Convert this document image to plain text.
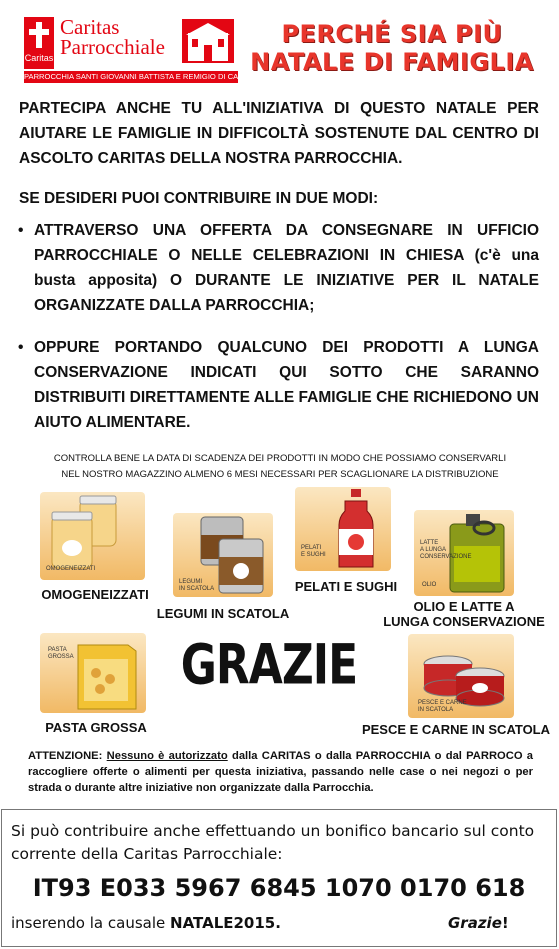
Caritas
Caritas
Parrocchiale
PARROCCHIA SANTI GIOVANNI BATTISTA E REMIGIO DI CARIGNANO
PERCHÉ SIA PIÙ
NATALE DI FAMIGLIA
PARTECIPA ANCHE TU ALL'INIZIATIVA DI QUESTO NATALE PER AIUTARE LE FAMIGLIE IN DIFFICOLTÀ SOSTENUTE DAL CENTRO DI ASCOLTO CARITAS DELLA NOSTRA PARROCCHIA.
SE DESIDERI PUOI CONTRIBUIRE IN DUE MODI:
• ATTRAVERSO UNA OFFERTA DA CONSEGNARE IN UFFICIO PARROCCHIALE O NELLE CELEBRAZIONI IN CHIESA (c'è una busta apposita) O DURANTE LE INIZIATIVE PER IL NATALE ORGANIZZATE DALLA PARROCCHIA;
• OPPURE PORTANDO QUALCUNO DEI PRODOTTI A LUNGA CONSERVAZIONE INDICATI QUI SOTTO CHE SARANNO DISTRIBUITI DIRETTAMENTE ALLE FAMIGLIE CHE RICHIEDONO UN AIUTO ALIMENTARE.
CONTROLLA BENE LA DATA DI SCADENZA DEI PRODOTTI IN MODO CHE POSSIAMO CONSERVARLI
NEL NOSTRO MAGAZZINO ALMENO 6 MESI NECESSARI PER SCAGLIONARE LA DISTRIBUZIONE
OMOGENEIZZATI
OMOGENEIZZATI
LEGUMI
IN SCATOLA
LEGUMI IN SCATOLA
PELATI
E SUGHI
PELATI E SUGHI
LATTE
A LUNGA
CONSERVAZIONE
OLIO
OLIO E LATTE A
LUNGA CONSERVAZIONE
PASTA
GROSSA
PASTA GROSSA
GRAZIE
PESCE E CARNE
IN SCATOLA
PESCE E CARNE IN SCATOLA
ATTENZIONE: Nessuno è autorizzato dalla CARITAS o dalla PARROCCHIA o dal PARROCO a raccogliere offerte o alimenti per questa iniziativa, passando nelle case o nei negozi o per strada o durante altre iniziative non organizzate dalla Parrocchia.
Si può contribuire anche effettuando un bonifico bancario sul conto corrente della Caritas Parrocchiale:
IT93 E033 5967 6845 1070 0170 618
inserendo la causale NATALE2015.	Grazie!
